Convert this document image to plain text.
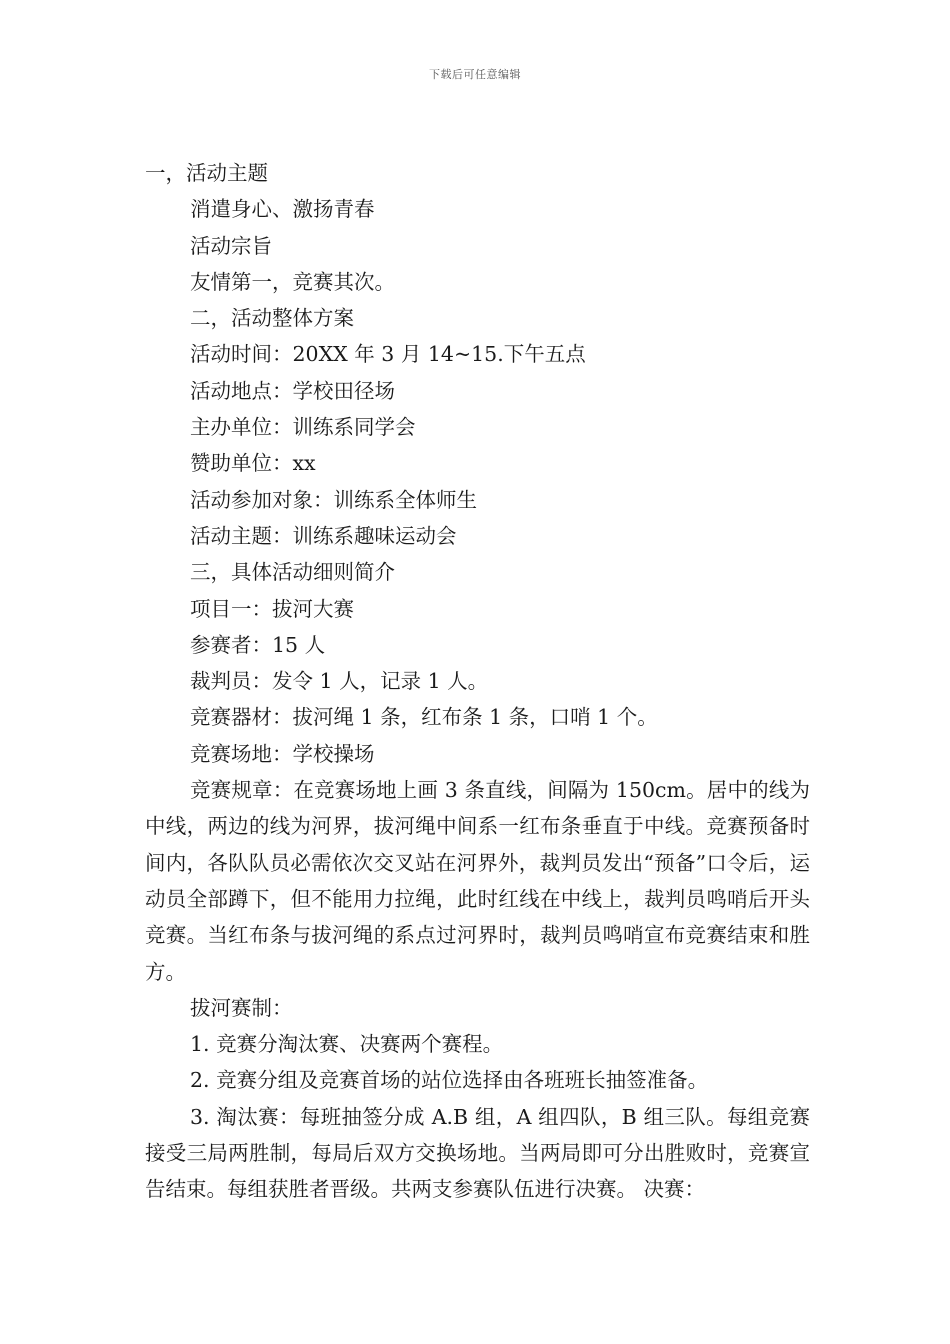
下载后可任意编辑

一，活动主题

消遣身心、激扬青春

活动宗旨

友情第一，竞赛其次。

二，活动整体方案

活动时间：20XX 年 3 月 14~15.下午五点

活动地点：学校田径场

主办单位：训练系同学会

赞助单位：xx

活动参加对象：训练系全体师生

活动主题：训练系趣味运动会

三，具体活动细则简介

项目一：拔河大赛

参赛者：15 人

裁判员：发令 1 人，记录 1 人。

竞赛器材：拔河绳 1 条，红布条 1 条，口哨 1 个。

竞赛场地：学校操场

竞赛规章：在竞赛场地上画 3 条直线，间隔为 150cm。居中的线为中线，两边的线为河界，拔河绳中间系一红布条垂直于中线。竞赛预备时间内，各队队员必需依次交叉站在河界外，裁判员发出“预备”口令后，运动员全部蹲下，但不能用力拉绳，此时红线在中线上，裁判员鸣哨后开头竞赛。当红布条与拔河绳的系点过河界时，裁判员鸣哨宣布竞赛结束和胜方。

拔河赛制：

1. 竞赛分淘汰赛、决赛两个赛程。

2. 竞赛分组及竞赛首场的站位选择由各班班长抽签准备。

3. 淘汰赛：每班抽签分成 A.B 组，A 组四队，B 组三队。每组竞赛接受三局两胜制，每局后双方交换场地。当两局即可分出胜败时，竞赛宣告结束。每组获胜者晋级。共两支参赛队伍进行决赛。 决赛：
